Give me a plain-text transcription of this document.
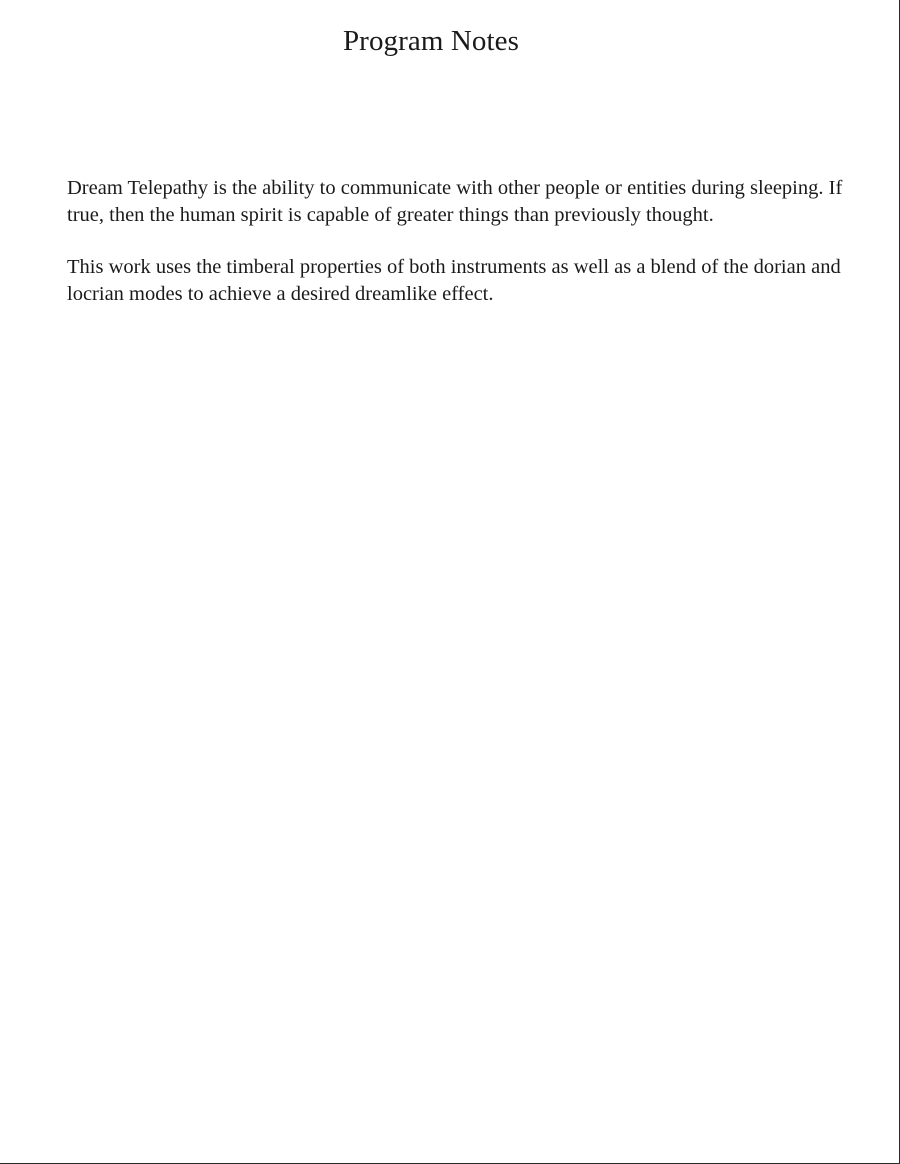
Program Notes

Dream Telepathy is the ability to communicate with other people or entities during sleeping. If true, then the human spirit is capable of greater things than previously thought.

This work uses the timberal properties of both instruments as well as a blend of the dorian and locrian modes to achieve a desired dreamlike effect.
